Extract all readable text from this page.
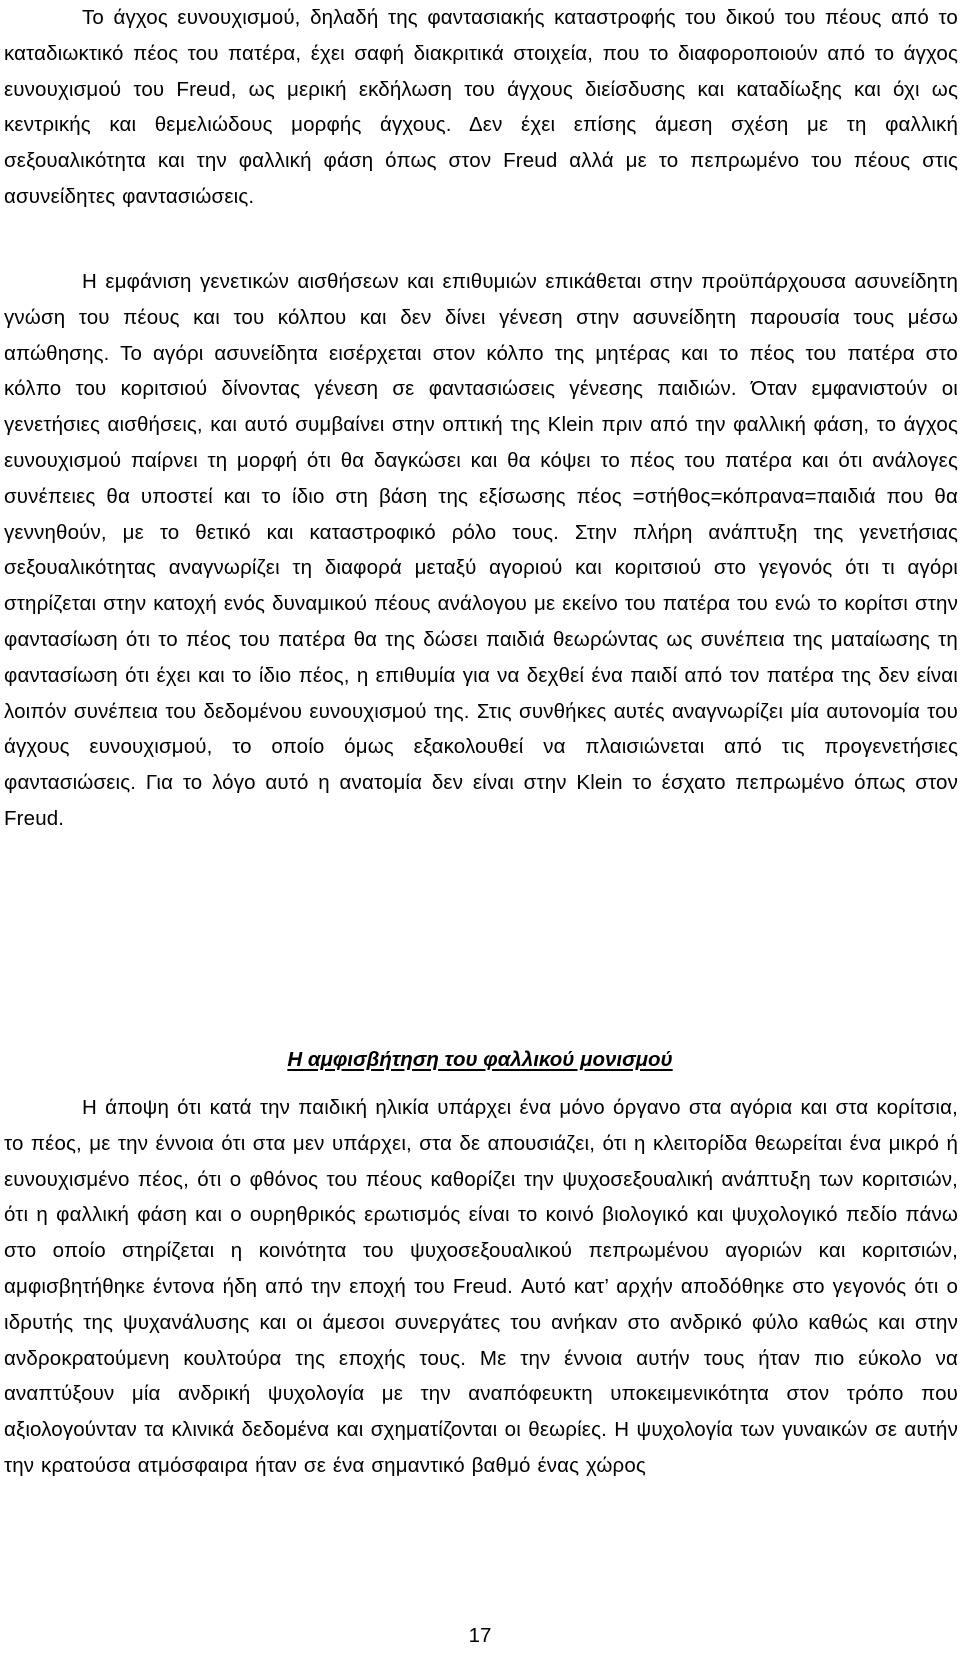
Το άγχος ευνουχισμού, δηλαδή της φαντασιακής καταστροφής του δικού του πέους από το καταδιωκτικό πέος του πατέρα, έχει σαφή διακριτικά στοιχεία, που το διαφοροποιούν από το άγχος ευνουχισμού του Freud, ως μερική εκδήλωση του άγχους διείσδυσης και καταδίωξης και όχι ως κεντρικής και θεμελιώδους μορφής άγχους. Δεν έχει επίσης άμεση σχέση με τη φαλλική σεξουαλικότητα και την φαλλική φάση όπως στον Freud αλλά με το πεπρωμένο του πέους στις ασυνείδητες φαντασιώσεις.

Η εμφάνιση γενετικών αισθήσεων και επιθυμιών επικάθεται στην προϋπάρχουσα ασυνείδητη γνώση του πέους και του κόλπου και δεν δίνει γένεση στην ασυνείδητη παρουσία τους μέσω απώθησης. Το αγόρι ασυνείδητα εισέρχεται στον κόλπο της μητέρας και το πέος του πατέρα στο κόλπο του κοριτσιού δίνοντας γένεση σε φαντασιώσεις γένεσης παιδιών. Όταν εμφανιστούν οι γενετήσιες αισθήσεις, και αυτό συμβαίνει στην οπτική της Klein πριν από την φαλλική φάση, το άγχος ευνουχισμού παίρνει τη μορφή ότι θα δαγκώσει και θα κόψει το πέος του πατέρα και ότι ανάλογες συνέπειες θα υποστεί και το ίδιο στη βάση της εξίσωσης πέος =στήθος=κόπρανα=παιδιά που θα γεννηθούν, με το θετικό και καταστροφικό ρόλο τους. Στην πλήρη ανάπτυξη της γενετήσιας σεξουαλικότητας αναγνωρίζει τη διαφορά μεταξύ αγοριού και κοριτσιού στο γεγονός ότι τι αγόρι στηρίζεται στην κατοχή ενός δυναμικού πέους ανάλογου με εκείνο του πατέρα του ενώ το κορίτσι στην φαντασίωση ότι το πέος του πατέρα θα της δώσει παιδιά θεωρώντας ως συνέπεια της ματαίωσης τη φαντασίωση ότι έχει και το ίδιο πέος, η επιθυμία για να δεχθεί ένα παιδί από τον πατέρα της δεν είναι λοιπόν συνέπεια του δεδομένου ευνουχισμού της. Στις συνθήκες αυτές αναγνωρίζει μία αυτονομία του άγχους ευνουχισμού, το οποίο όμως εξακολουθεί να πλαισιώνεται από τις προγενετήσιες φαντασιώσεις. Για το λόγο αυτό η ανατομία δεν είναι στην Klein το έσχατο πεπρωμένο όπως στον Freud.

Η αμφισβήτηση του φαλλικού μονισμού

Η άποψη ότι κατά την παιδική ηλικία υπάρχει ένα μόνο όργανο στα αγόρια και στα κορίτσια, το πέος, με την έννοια ότι στα μεν υπάρχει, στα δε απουσιάζει, ότι η κλειτορίδα θεωρείται ένα μικρό ή ευνουχισμένο πέος, ότι ο φθόνος του πέους καθορίζει την ψυχοσεξουαλική ανάπτυξη των κοριτσιών, ότι η φαλλική φάση και ο ουρηθρικός ερωτισμός είναι το κοινό βιολογικό και ψυχολογικό πεδίο πάνω στο οποίο στηρίζεται η κοινότητα του ψυχοσεξουαλικού πεπρωμένου αγοριών και κοριτσιών, αμφισβητήθηκε έντονα ήδη από την εποχή του Freud. Αυτό κατ’ αρχήν αποδόθηκε στο γεγονός ότι ο ιδρυτής της ψυχανάλυσης και οι άμεσοι συνεργάτες του ανήκαν στο ανδρικό φύλο καθώς και στην ανδροκρατούμενη κουλτούρα της εποχής τους. Με την έννοια αυτήν τους ήταν πιο εύκολο να αναπτύξουν μία ανδρική ψυχολογία με την αναπόφευκτη υποκειμενικότητα στον τρόπο που αξιολογούνταν τα κλινικά δεδομένα και σχηματίζονται οι θεωρίες. Η ψυχολογία των γυναικών σε αυτήν την κρατούσα ατμόσφαιρα ήταν σε ένα σημαντικό βαθμό ένας χώρος

17
